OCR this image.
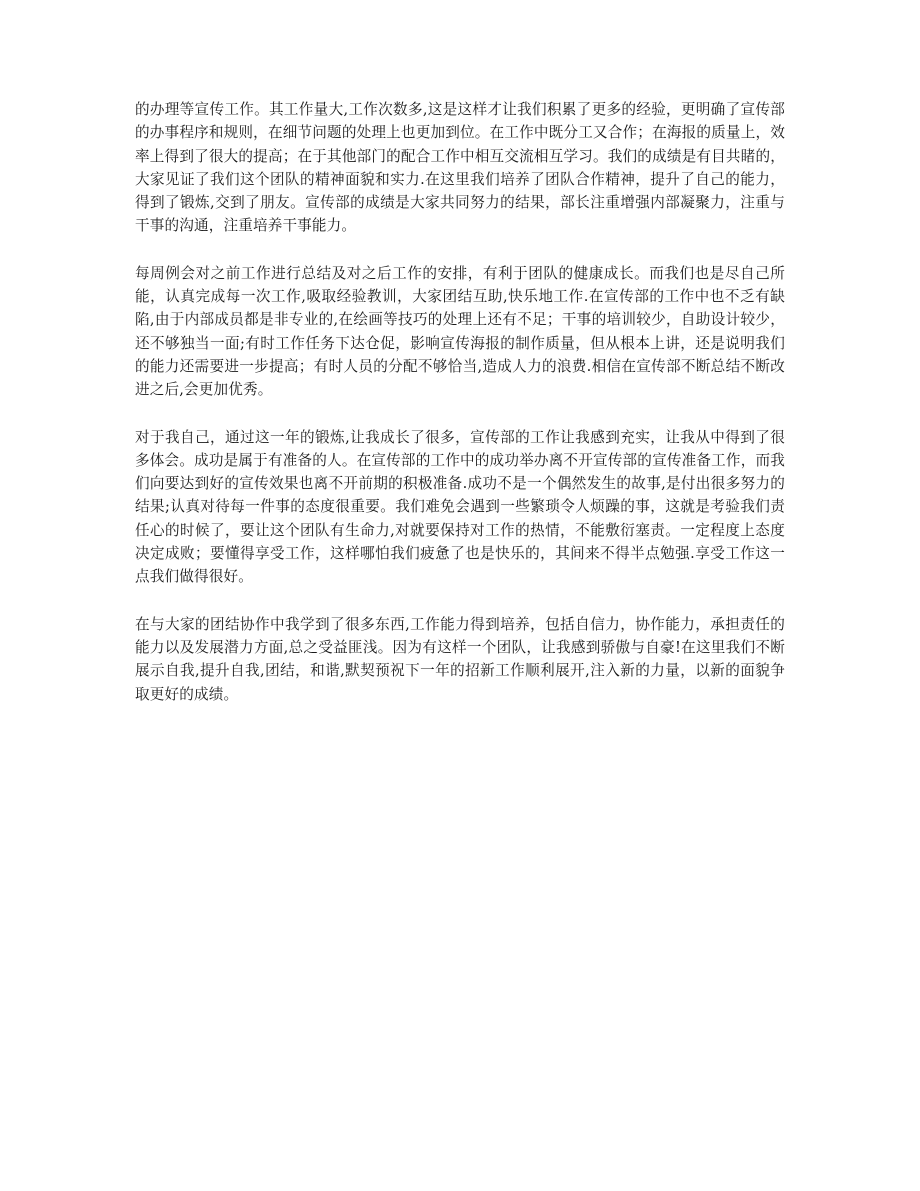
的办理等宣传工作。其工作量大,工作次数多,这是这样才让我们积累了更多的经验，更明确了宣传部的办事程序和规则，在细节问题的处理上也更加到位。在工作中既分工又合作；在海报的质量上，效率上得到了很大的提高；在于其他部门的配合工作中相互交流相互学习。我们的成绩是有目共睹的，大家见证了我们这个团队的精神面貌和实力.在这里我们培养了团队合作精神，提升了自己的能力，得到了锻炼,交到了朋友。宣传部的成绩是大家共同努力的结果，部长注重增强内部凝聚力，注重与干事的沟通，注重培养干事能力。

每周例会对之前工作进行总结及对之后工作的安排，有利于团队的健康成长。而我们也是尽自己所能，认真完成每一次工作,吸取经验教训，大家团结互助,快乐地工作.在宣传部的工作中也不乏有缺陷,由于内部成员都是非专业的,在绘画等技巧的处理上还有不足；干事的培训较少，自助设计较少，还不够独当一面;有时工作任务下达仓促，影响宣传海报的制作质量，但从根本上讲，还是说明我们的能力还需要进一步提高；有时人员的分配不够恰当,造成人力的浪费.相信在宣传部不断总结不断改进之后,会更加优秀。

对于我自己，通过这一年的锻炼,让我成长了很多，宣传部的工作让我感到充实，让我从中得到了很多体会。成功是属于有准备的人。在宣传部的工作中的成功举办离不开宣传部的宣传准备工作，而我们向要达到好的宣传效果也离不开前期的积极准备.成功不是一个偶然发生的故事,是付出很多努力的结果;认真对待每一件事的态度很重要。我们难免会遇到一些繁琐令人烦躁的事，这就是考验我们责任心的时候了，要让这个团队有生命力,对就要保持对工作的热情，不能敷衍塞责。一定程度上态度决定成败；要懂得享受工作，这样哪怕我们疲惫了也是快乐的，其间来不得半点勉强.享受工作这一点我们做得很好。

在与大家的团结协作中我学到了很多东西,工作能力得到培养，包括自信力，协作能力，承担责任的能力以及发展潜力方面,总之受益匪浅。因为有这样一个团队，让我感到骄傲与自豪!在这里我们不断展示自我,提升自我,团结，和谐,默契预祝下一年的招新工作顺利展开,注入新的力量，以新的面貌争取更好的成绩。
